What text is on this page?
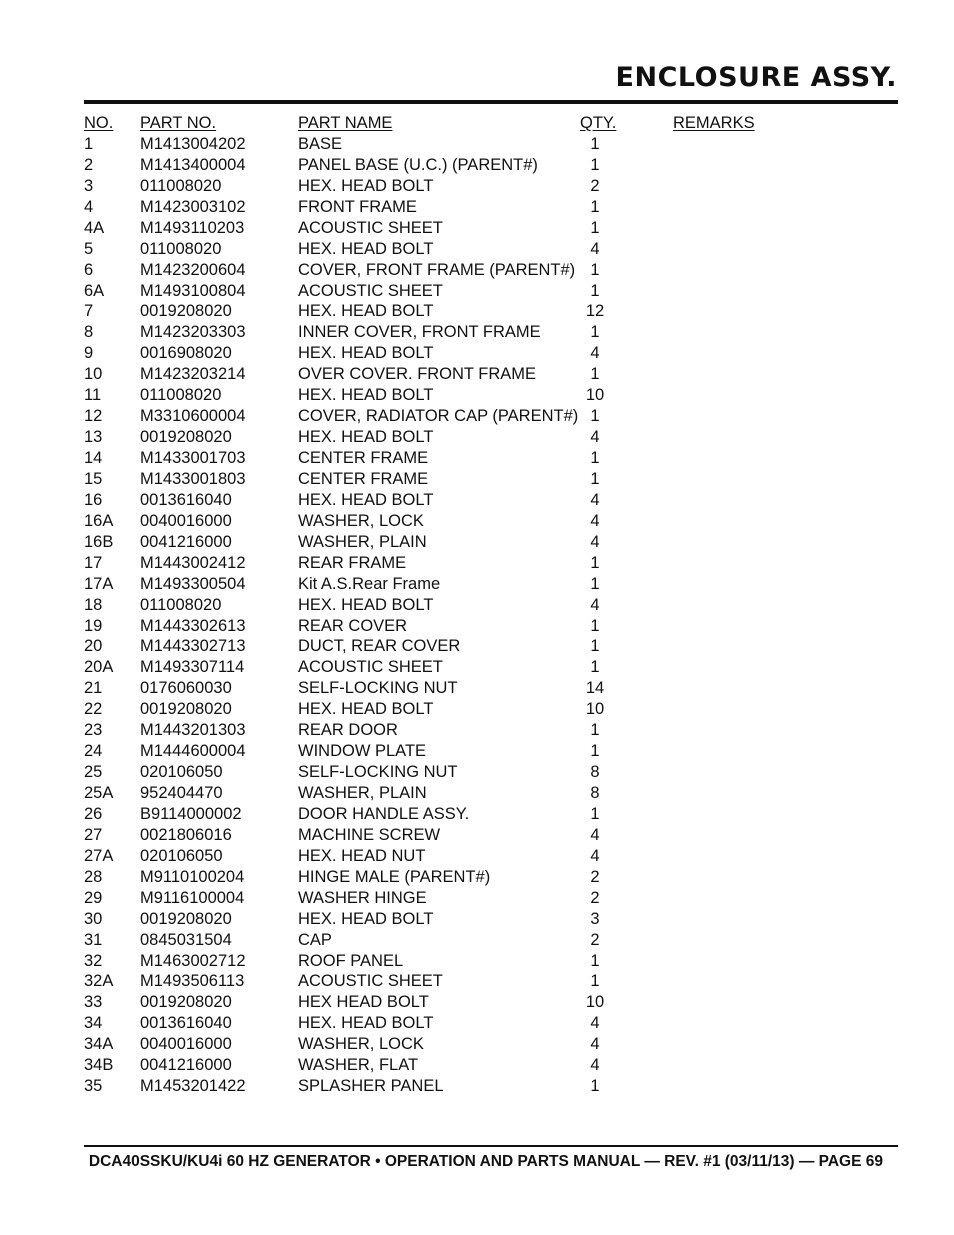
ENCLOSURE ASSY.
NO. PART NO.	PART NAME	QTY.	REMARKS
1	M1413004202	BASE	1
2	M1413400004	PANEL BASE (U.C.) (PARENT#)	1
3	011008020	HEX. HEAD BOLT	2
4	M1423003102	FRONT FRAME	1
4A M1493110203	ACOUSTIC SHEET	1
5	011008020	HEX. HEAD BOLT	4
6	M1423200604	COVER, FRONT FRAME (PARENT#) 1
6A M1493100804	ACOUSTIC SHEET	1
7	0019208020	HEX. HEAD BOLT	12
8	M1423203303	INNER COVER, FRONT FRAME	1
9	0016908020	HEX. HEAD BOLT	4
10 M1423203214	OVER COVER. FRONT FRAME	1
11 011008020	HEX. HEAD BOLT	10
12 M3310600004	COVER, RADIATOR CAP (PARENT#) 1
13 0019208020	HEX. HEAD BOLT	4
14 M1433001703	CENTER FRAME	1
15 M1433001803	CENTER FRAME	1
16 0013616040	HEX. HEAD BOLT	4
16A 0040016000	WASHER, LOCK	4
16B 0041216000	WASHER, PLAIN	4
17 M1443002412	REAR FRAME	1
17A M1493300504	Kit A.S.Rear Frame	1
18 011008020	HEX. HEAD BOLT	4
19 M1443302613	REAR COVER	1
20 M1443302713	DUCT, REAR COVER	1
20A M1493307114	ACOUSTIC SHEET	1
21 0176060030	SELF-LOCKING NUT	14
22 0019208020	HEX. HEAD BOLT	10
23 M1443201303	REAR DOOR	1
24 M1444600004	WINDOW PLATE	1
25 020106050	SELF-LOCKING NUT	8
25A 952404470	WASHER, PLAIN	8
26 B9114000002	DOOR HANDLE ASSY.	1
27 0021806016	MACHINE SCREW	4
27A 020106050	HEX. HEAD NUT	4
28 M9110100204	HINGE MALE (PARENT#)	2
29 M9116100004	WASHER HINGE	2
30 0019208020	HEX. HEAD BOLT	3
31 0845031504	CAP	2
32 M1463002712	ROOF PANEL	1
32A M1493506113	ACOUSTIC SHEET	1
33 0019208020	HEX HEAD BOLT	10
34 0013616040	HEX. HEAD BOLT	4
34A 0040016000	WASHER, LOCK	4
34B 0041216000	WASHER, FLAT	4
35 M1453201422	SPLASHER PANEL	1
DCA40SSKU/KU4i 60 HZ GENERATOR • OPERATION AND PARTS MANUAL — REV. #1 (03/11/13) — PAGE 69
